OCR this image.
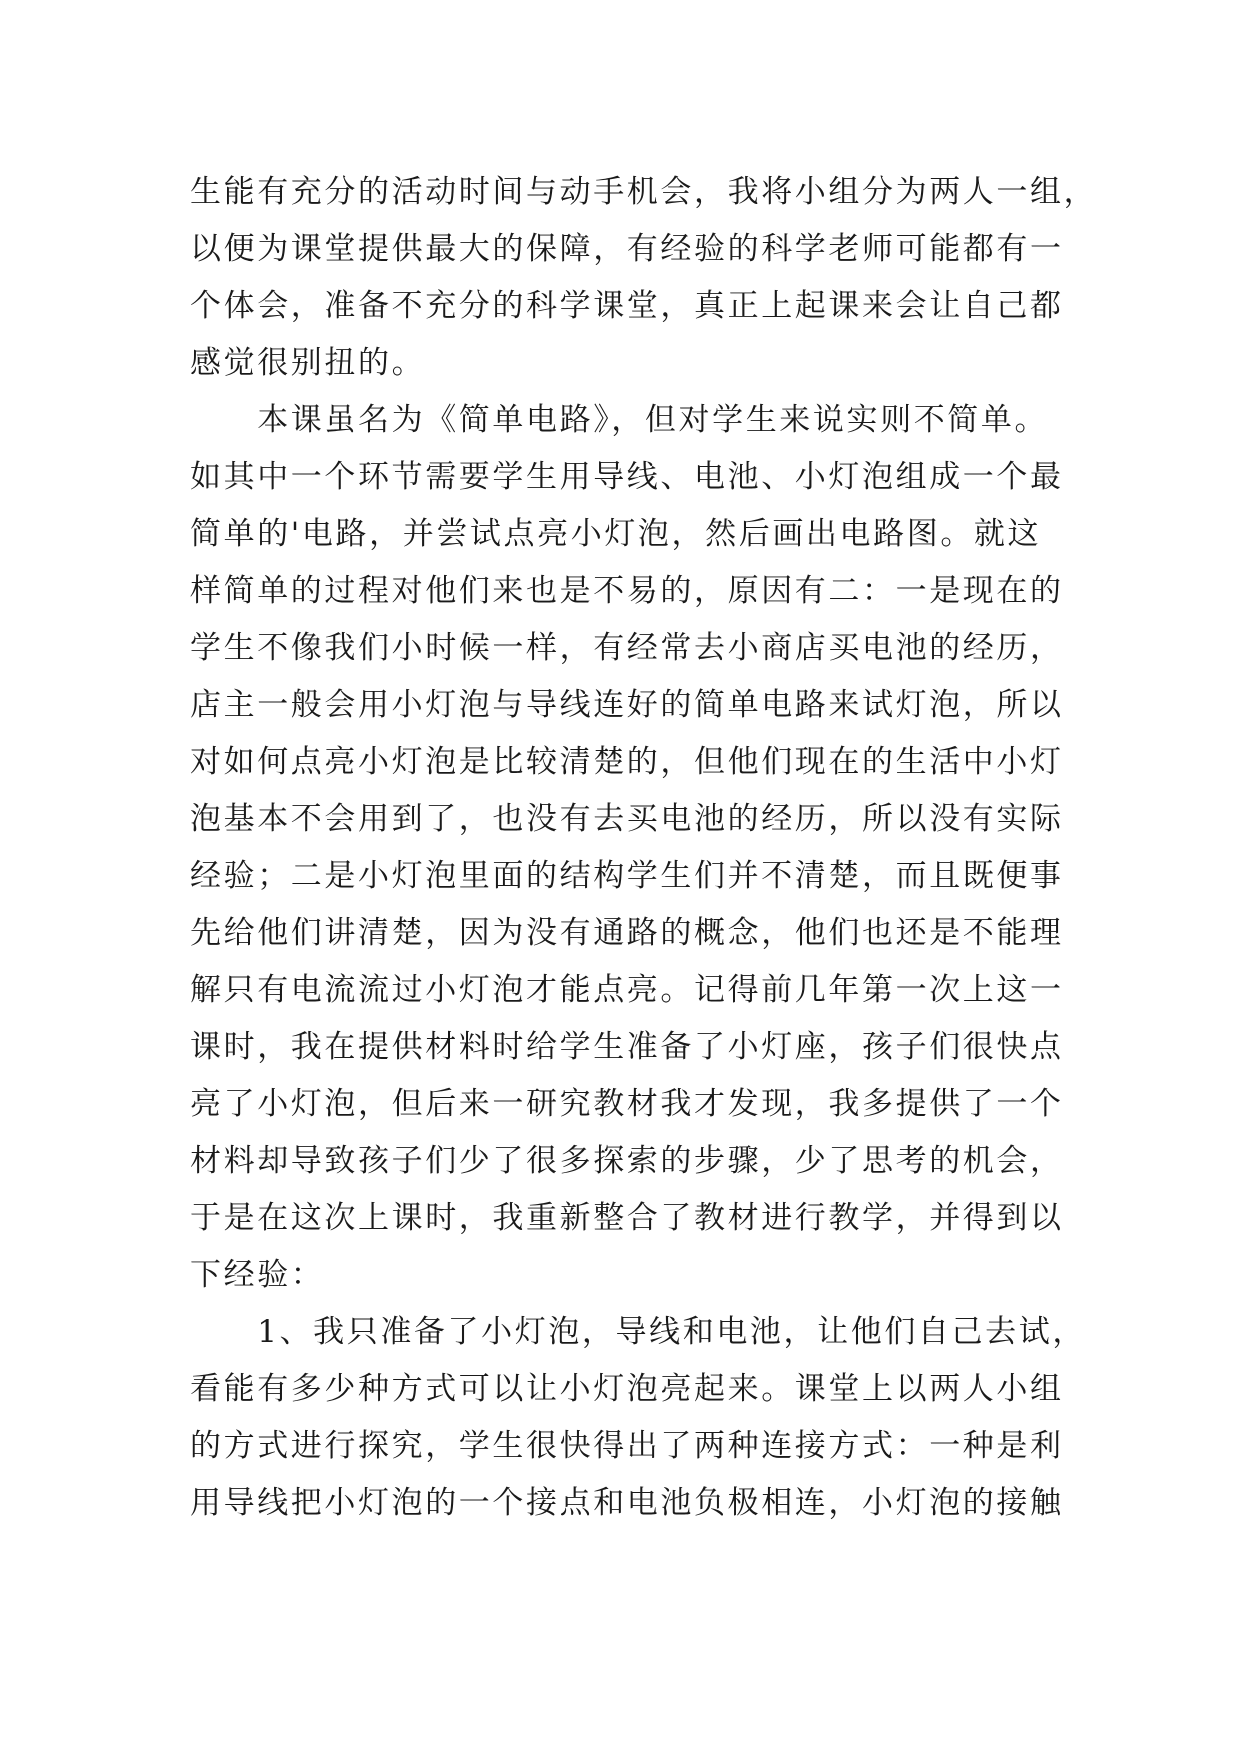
生能有充分的活动时间与动手机会，我将小组分为两人一组，
以便为课堂提供最大的保障，有经验的科学老师可能都有一
个体会，准备不充分的科学课堂，真正上起课来会让自己都
感觉很别扭的。
　　本课虽名为《简单电路》，但对学生来说实则不简单。
如其中一个环节需要学生用导线、电池、小灯泡组成一个最
简单的'电路，并尝试点亮小灯泡，然后画出电路图。就这
样简单的过程对他们来也是不易的，原因有二：一是现在的
学生不像我们小时候一样，有经常去小商店买电池的经历，
店主一般会用小灯泡与导线连好的简单电路来试灯泡，所以
对如何点亮小灯泡是比较清楚的，但他们现在的生活中小灯
泡基本不会用到了，也没有去买电池的经历，所以没有实际
经验；二是小灯泡里面的结构学生们并不清楚，而且既便事
先给他们讲清楚，因为没有通路的概念，他们也还是不能理
解只有电流流过小灯泡才能点亮。记得前几年第一次上这一
课时，我在提供材料时给学生准备了小灯座，孩子们很快点
亮了小灯泡，但后来一研究教材我才发现，我多提供了一个
材料却导致孩子们少了很多探索的步骤，少了思考的机会，
于是在这次上课时，我重新整合了教材进行教学，并得到以
下经验：
　　1、我只准备了小灯泡，导线和电池，让他们自己去试，
看能有多少种方式可以让小灯泡亮起来。课堂上以两人小组
的方式进行探究，学生很快得出了两种连接方式：一种是利
用导线把小灯泡的一个接点和电池负极相连，小灯泡的接触
